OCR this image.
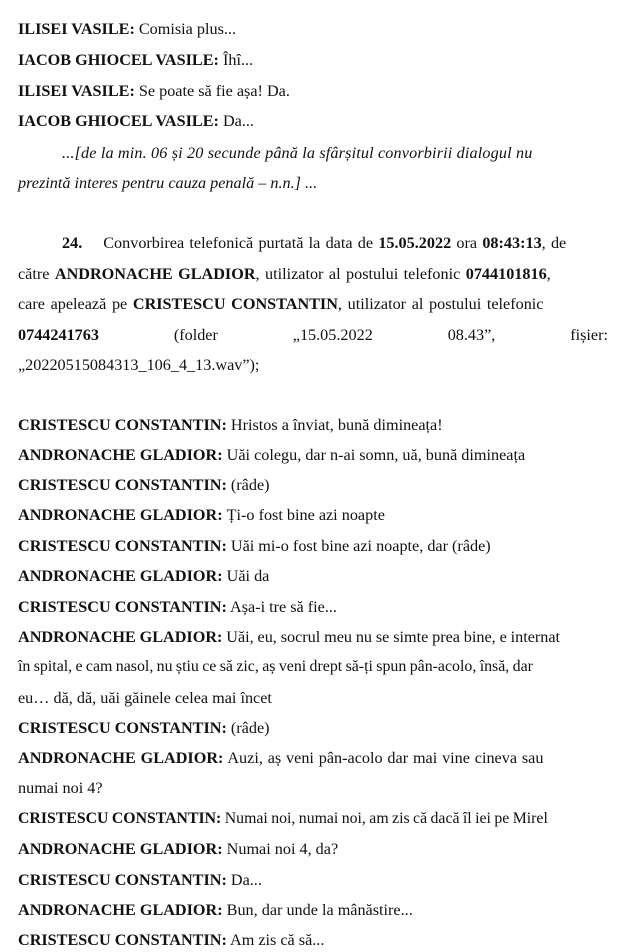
ILISEI VASILE: Comisia plus...
IACOB GHIOCEL VASILE: Îhî...
ILISEI VASILE: Se poate să fie așa! Da.
IACOB GHIOCEL VASILE: Da...
...[de la min. 06 și 20 secunde până la sfârșitul convorbirii dialogul nu
prezintă interes pentru cauza penală – n.n.] ...
24. Convorbirea telefonică purtată la data de 15.05.2022 ora 08:43:13, de
către ANDRONACHE GLADIOR, utilizator al postului telefonic 0744101816,
care apelează pe CRISTESCU CONSTANTIN, utilizator al postului telefonic
0744241763	(folder	„15.05.2022	08.43”,	fișier:
„20220515084313_106_4_13.wav”);
CRISTESCU CONSTANTIN: Hristos a înviat, bună dimineața!
ANDRONACHE GLADIOR: Uăi colegu, dar n-ai somn, uă, bună dimineața
CRISTESCU CONSTANTIN: (râde)
ANDRONACHE GLADIOR: Ți-o fost bine azi noapte
CRISTESCU CONSTANTIN: Uăi mi-o fost bine azi noapte, dar (râde)
ANDRONACHE GLADIOR: Uăi da
CRISTESCU CONSTANTIN: Așa-i tre să fie...
ANDRONACHE GLADIOR: Uăi, eu, socrul meu nu se simte prea bine, e internat
în spital, e cam nasol, nu știu ce să zic, aș veni drept să-ți spun pân-acolo, însă, dar
eu… dă, dă, uăi găinele celea mai încet
CRISTESCU CONSTANTIN: (râde)
ANDRONACHE GLADIOR: Auzi, aș veni pân-acolo dar mai vine cineva sau
numai noi 4?
CRISTESCU CONSTANTIN: Numai noi, numai noi, am zis că dacă îl iei pe Mirel
ANDRONACHE GLADIOR: Numai noi 4, da?
CRISTESCU CONSTANTIN: Da...
ANDRONACHE GLADIOR: Bun, dar unde la mânăstire...
CRISTESCU CONSTANTIN: Am zis că să...
